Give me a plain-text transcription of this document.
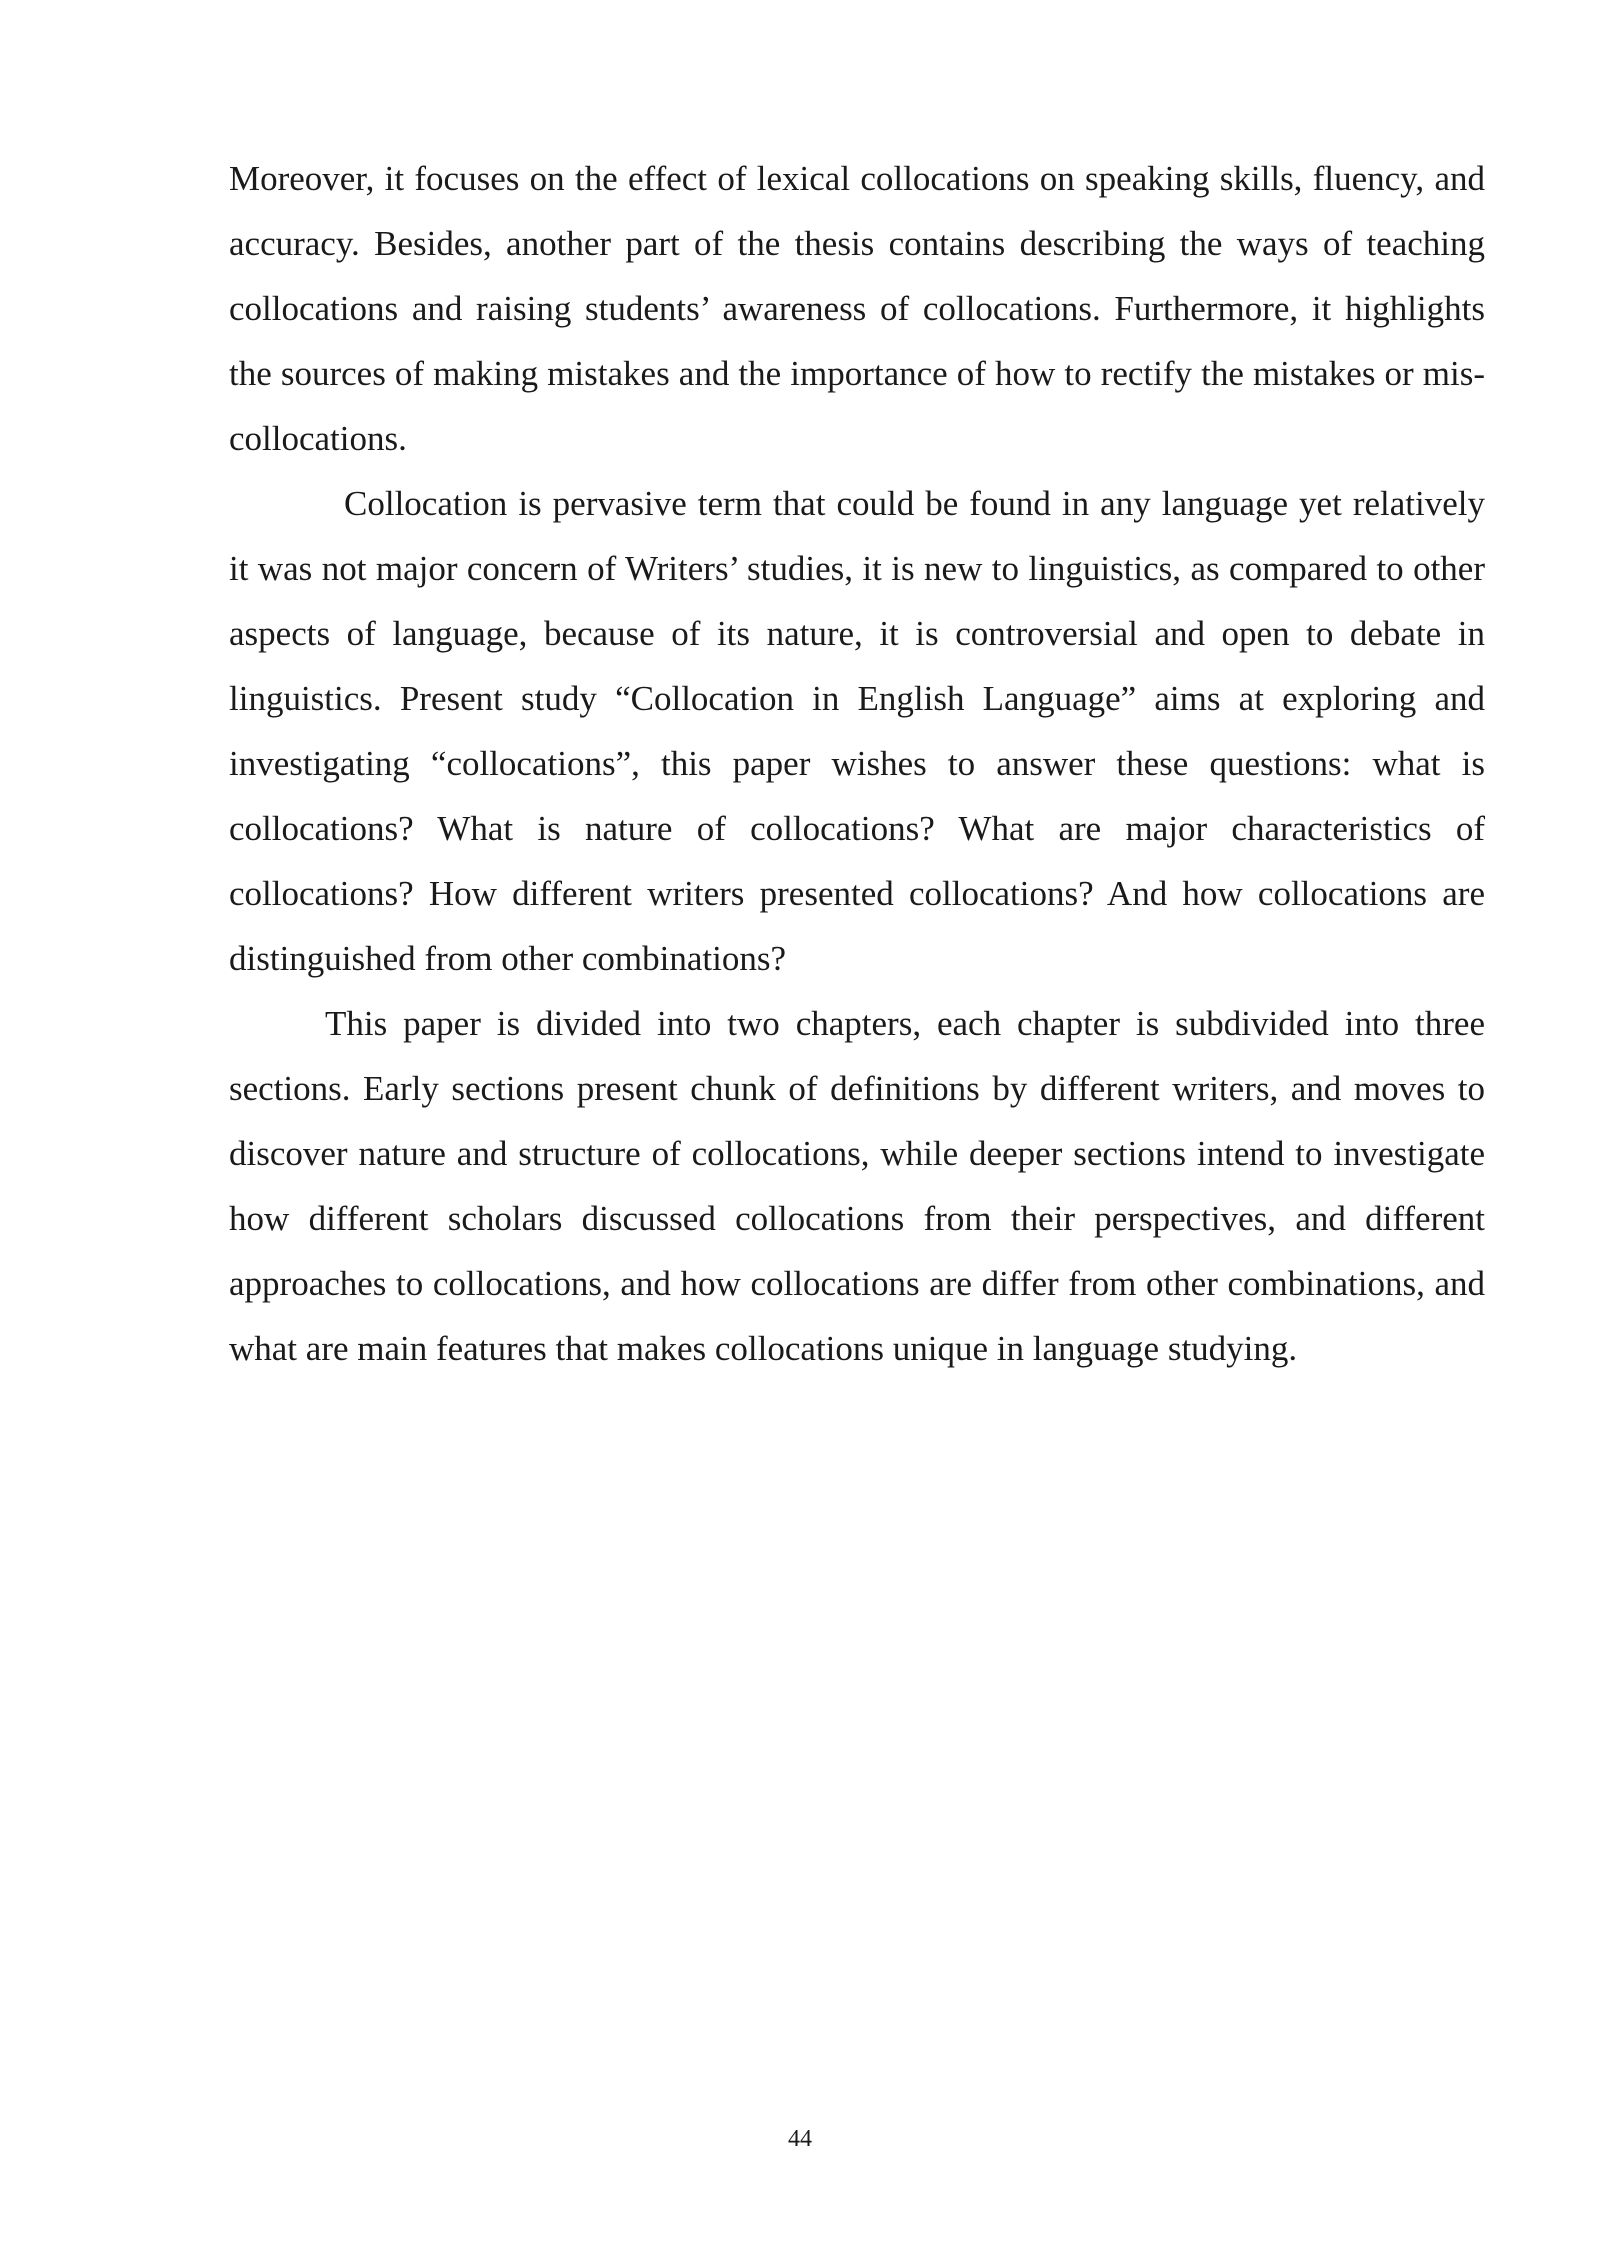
Moreover, it focuses on the effect of lexical collocations on speaking skills, fluency, and accuracy. Besides, another part of the thesis contains describing the ways of teaching collocations and raising students’ awareness of collocations. Furthermore, it highlights the sources of making mistakes and the importance of how to rectify the mistakes or mis-collocations.

Collocation is pervasive term that could be found in any language yet relatively it was not major concern of Writers’ studies, it is new to linguistics, as compared to other aspects of language, because of its nature, it is controversial and open to debate in linguistics. Present study “Collocation in English Language” aims at exploring and investigating “collocations”, this paper wishes to answer these questions: what is collocations? What is nature of collocations? What are major characteristics of collocations? How different writers presented collocations? And how collocations are distinguished from other combinations?

This paper is divided into two chapters, each chapter is subdivided into three sections. Early sections present chunk of definitions by different writers, and moves to discover nature and structure of collocations, while deeper sections intend to investigate how different scholars discussed collocations from their perspectives, and different approaches to collocations, and how collocations are differ from other combinations, and what are main features that makes collocations unique in language studying.

44
